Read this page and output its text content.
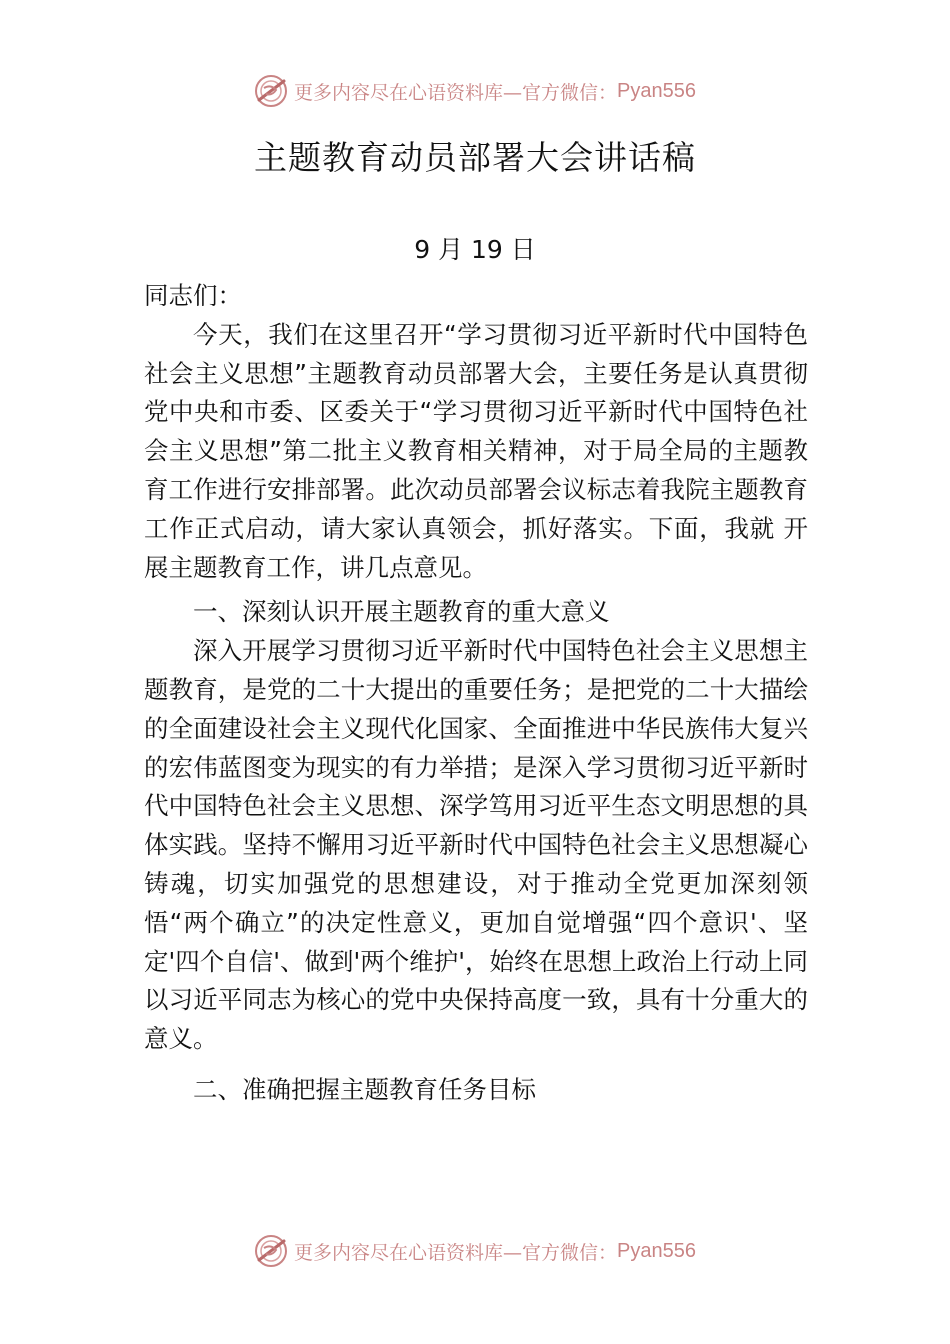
更多内容尽在心语资料库—官方微信： Pyan556
主题教育动员部署大会讲话稿
9 月 19 日

同志们：

今天，我们在这里召开“学习贯彻习近平新时代中国特色社会主义思想”主题教育动员部署大会，主要任务是认真贯彻党中央和市委、区委关于“学习贯彻习近平新时代中国特色社会主义思想”第二批主义教育相关精神，对于局全局的主题教育工作进行安排部署。此次动员部署会议标志着我院主题教育工作正式启动，请大家认真领会，抓好落实。下面，我就 开展主题教育工作，讲几点意见。

一、深刻认识开展主题教育的重大意义

深入开展学习贯彻习近平新时代中国特色社会主义思想主题教育，是党的二十大提出的重要任务；是把党的二十大描绘的全面建设社会主义现代化国家、全面推进中华民族伟大复兴的宏伟蓝图变为现实的有力举措；是深入学习贯彻习近平新时代中国特色社会主义思想、深学笃用习近平生态文明思想的具体实践。坚持不懈用习近平新时代中国特色社会主义思想凝心铸魂，切实加强党的思想建设，对于推动全党更加深刻领悟“两个确立”的决定性意义，更加自觉增强“四个意识'、坚定'四个自信'、做到'两个维护'，始终在思想上政治上行动上同以习近平同志为核心的党中央保持高度一致，具有十分重大的意义。

二、准确把握主题教育任务目标

更多内容尽在心语资料库—官方微信： Pyan556
